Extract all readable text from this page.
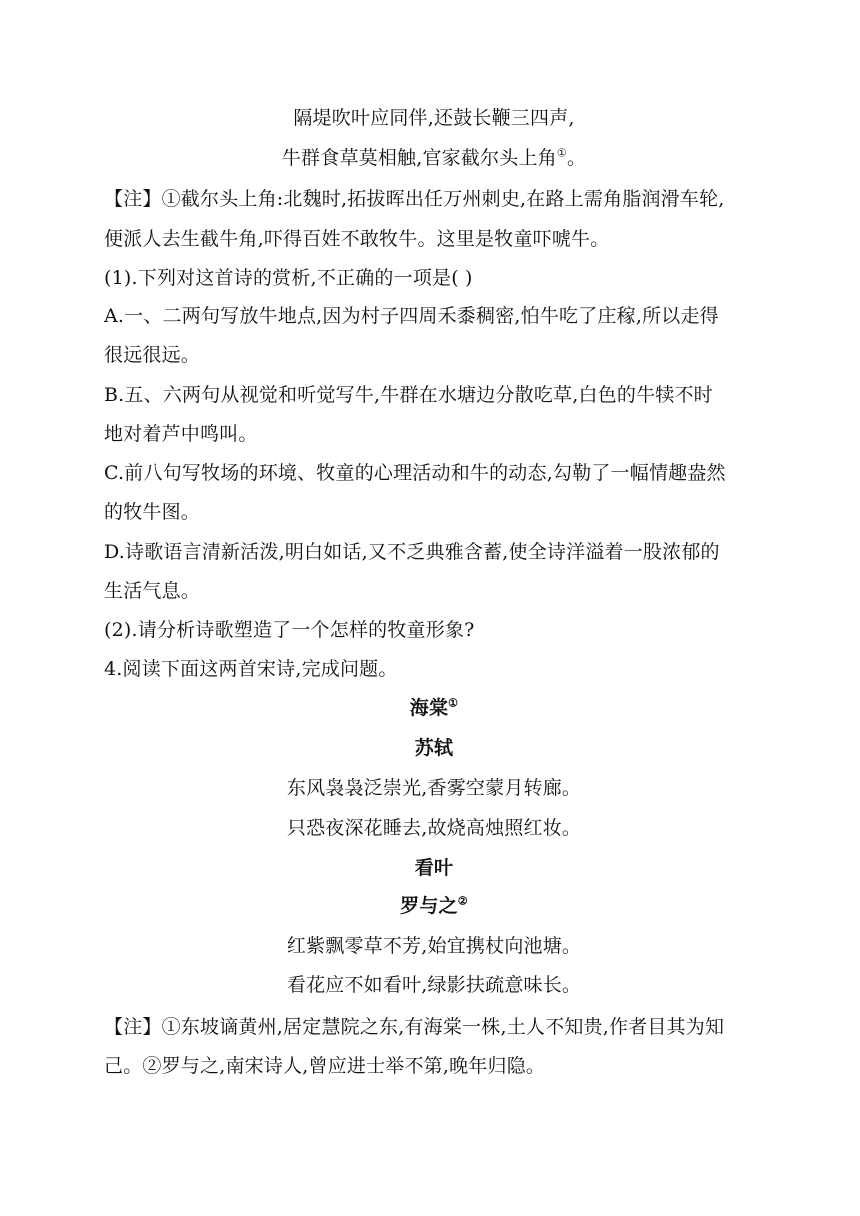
隔堤吹叶应同伴,还鼓长鞭三四声,
牛群食草莫相触,官家截尔头上角①。
【注】①截尔头上角:北魏时,拓拔晖出任万州刺史,在路上需角脂润滑车轮,
便派人去生截牛角,吓得百姓不敢牧牛。这里是牧童吓唬牛。
(1).下列对这首诗的赏析,不正确的一项是( )
A.一、二两句写放牛地点,因为村子四周禾黍稠密,怕牛吃了庄稼,所以走得
很远很远。
B.五、六两句从视觉和听觉写牛,牛群在水塘边分散吃草,白色的牛犊不时
地对着芦中鸣叫。
C.前八句写牧场的环境、牧童的心理活动和牛的动态,勾勒了一幅情趣盎然
的牧牛图。
D.诗歌语言清新活泼,明白如话,又不乏典雅含蓄,使全诗洋溢着一股浓郁的
生活气息。
(2).请分析诗歌塑造了一个怎样的牧童形象?
4.阅读下面这两首宋诗,完成问题。
海棠①
苏轼
东风袅袅泛崇光,香雾空蒙月转廊。
只恐夜深花睡去,故烧高烛照红妆。
看叶
罗与之②
红紫飘零草不芳,始宜携杖向池塘。
看花应不如看叶,绿影扶疏意味长。
【注】①东坡谪黄州,居定慧院之东,有海棠一株,土人不知贵,作者目其为知
己。②罗与之,南宋诗人,曾应进士举不第,晚年归隐。
